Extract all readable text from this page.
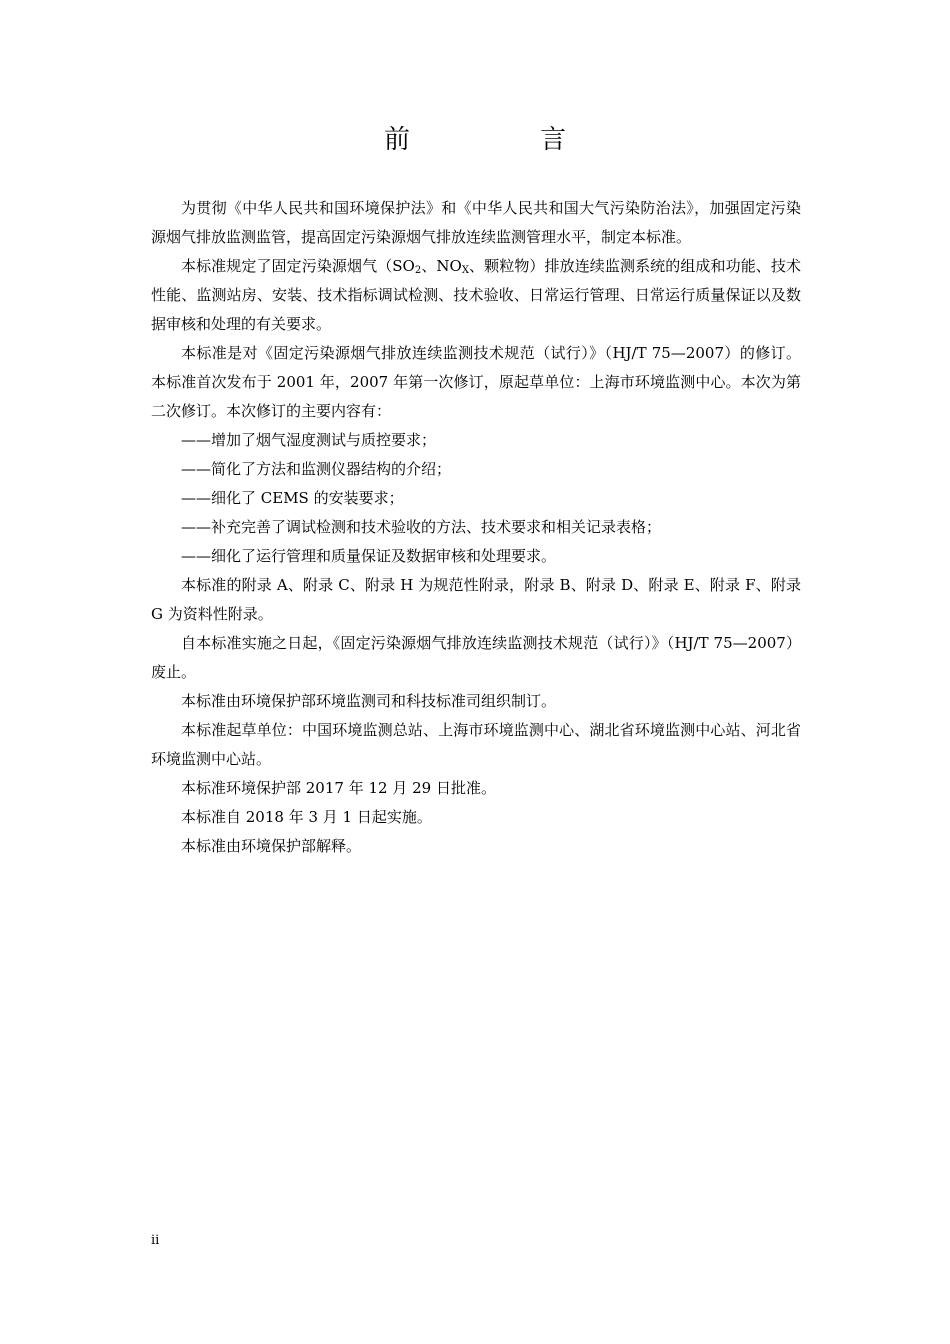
前　言

为贯彻《中华人民共和国环境保护法》和《中华人民共和国大气污染防治法》，加强固定污染源烟气排放监测监管，提高固定污染源烟气排放连续监测管理水平，制定本标准。

本标准规定了固定污染源烟气（$SO_2$、$NO_X$、颗粒物）排放连续监测系统的组成和功能、技术性能、监测站房、安装、技术指标调试检测、技术验收、日常运行管理、日常运行质量保证以及数据审核和处理的有关要求。

本标准是对《固定污染源烟气排放连续监测技术规范（试行）》（HJ/T 75—2007）的修订。本标准首次发布于 2001 年，2007 年第一次修订，原起草单位：上海市环境监测中心。本次为第二次修订。本次修订的主要内容有：

——增加了烟气湿度测试与质控要求；

——简化了方法和监测仪器结构的介绍；

——细化了 CEMS 的安装要求；

——补充完善了调试检测和技术验收的方法、技术要求和相关记录表格；

——细化了运行管理和质量保证及数据审核和处理要求。

本标准的附录 A、附录 C、附录 H 为规范性附录，附录 B、附录 D、附录 E、附录 F、附录 G 为资料性附录。

自本标准实施之日起，《固定污染源烟气排放连续监测技术规范（试行）》（HJ/T 75—2007）废止。

本标准由环境保护部环境监测司和科技标准司组织制订。

本标准起草单位：中国环境监测总站、上海市环境监测中心、湖北省环境监测中心站、河北省环境监测中心站。

本标准环境保护部 2017 年 12 月 29 日批准。

本标准自 2018 年 3 月 1 日起实施。

本标准由环境保护部解释。

ii
